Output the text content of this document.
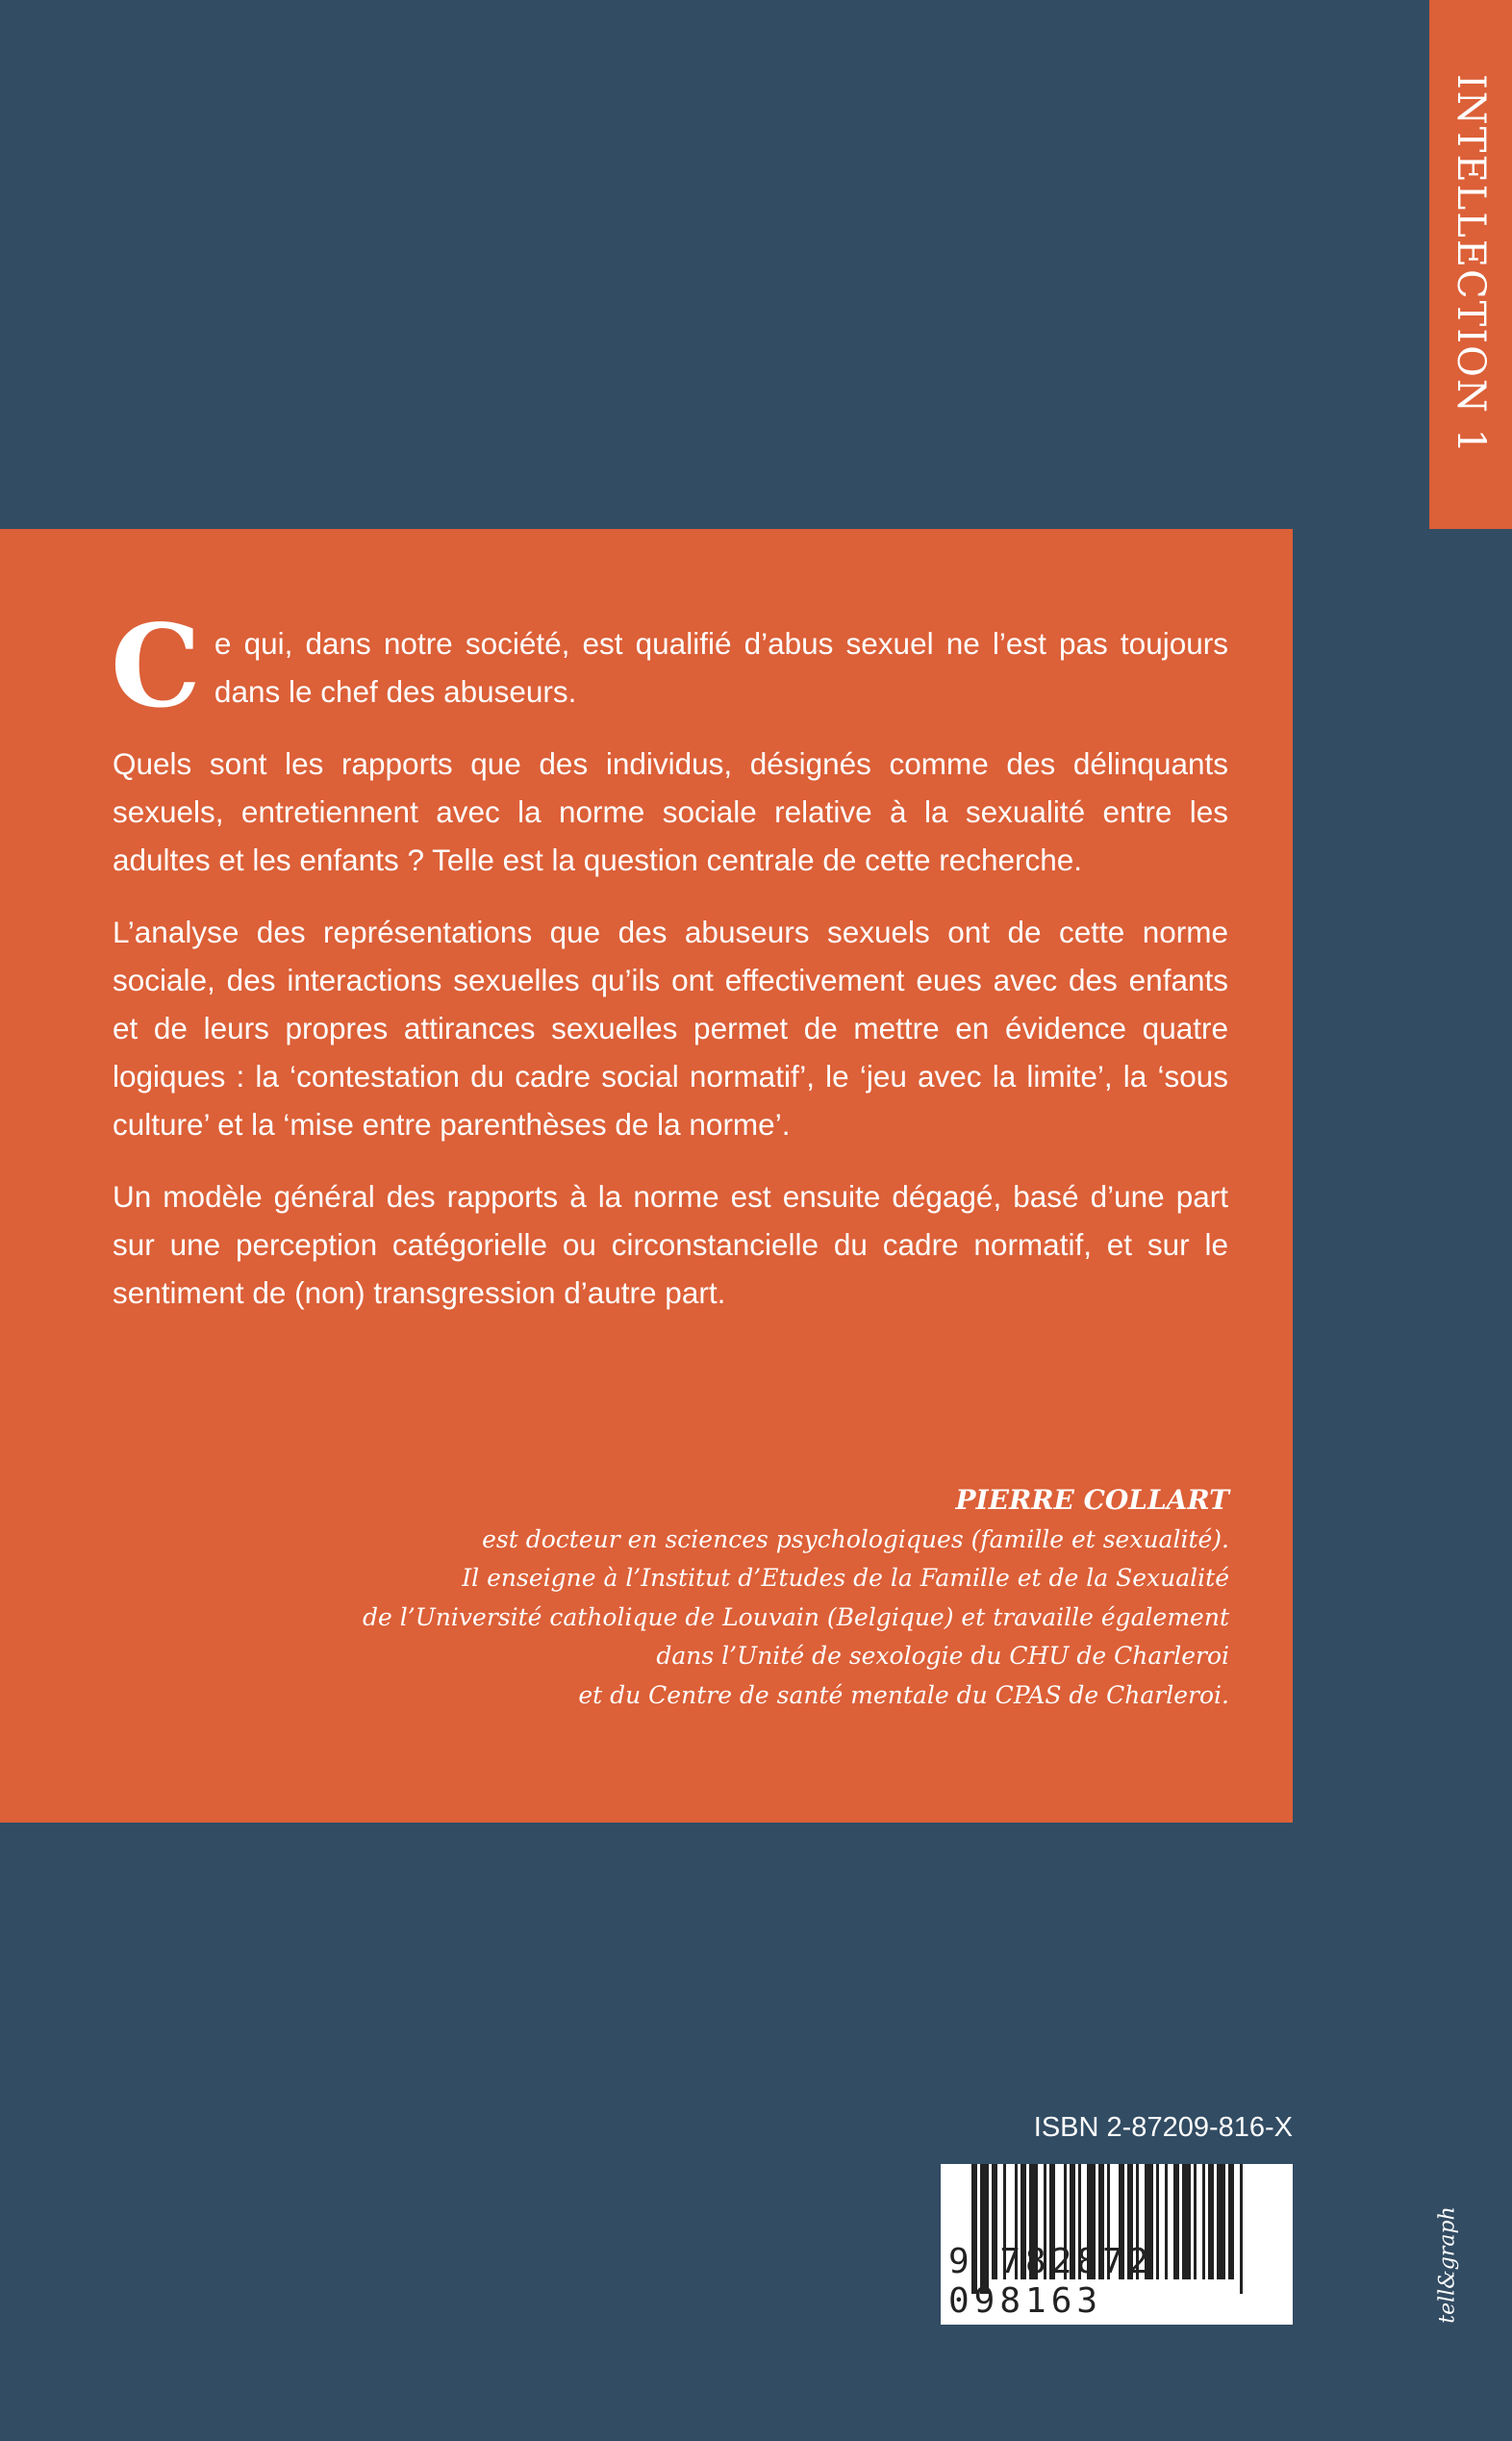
INTELLECTION 1

Ce qui, dans notre société, est qualifié d’abus sexuel ne l’est pas toujours dans le chef des abuseurs.

Quels sont les rapports que des individus, désignés comme des délinquants sexuels, entretiennent avec la norme sociale relative à la sexualité entre les adultes et les enfants ? Telle est la question centrale de cette recherche.

L’analyse des représentations que des abuseurs sexuels ont de cette norme sociale, des interactions sexuelles qu’ils ont effectivement eues avec des enfants et de leurs propres attirances sexuelles permet de mettre en évidence quatre logiques : la ‘contestation du cadre social normatif’, le ‘jeu avec la limite’, la ‘sous culture’ et la ‘mise entre parenthèses de la norme’.

Un modèle général des rapports à la norme est ensuite dégagé, basé d’une part sur une perception catégorielle ou circonstancielle du cadre normatif, et sur le sentiment de (non) transgression d’autre part.

PIERRE COLLART
est docteur en sciences psychologiques (famille et sexualité).
Il enseigne à l’Institut d’Etudes de la Famille et de la Sexualité
de l’Université catholique de Louvain (Belgique) et travaille également
dans l’Unité de sexologie du CHU de Charleroi
et du Centre de santé mentale du CPAS de Charleroi.
ISBN 2-87209-816-X
9 782872 098163	tell&graph
